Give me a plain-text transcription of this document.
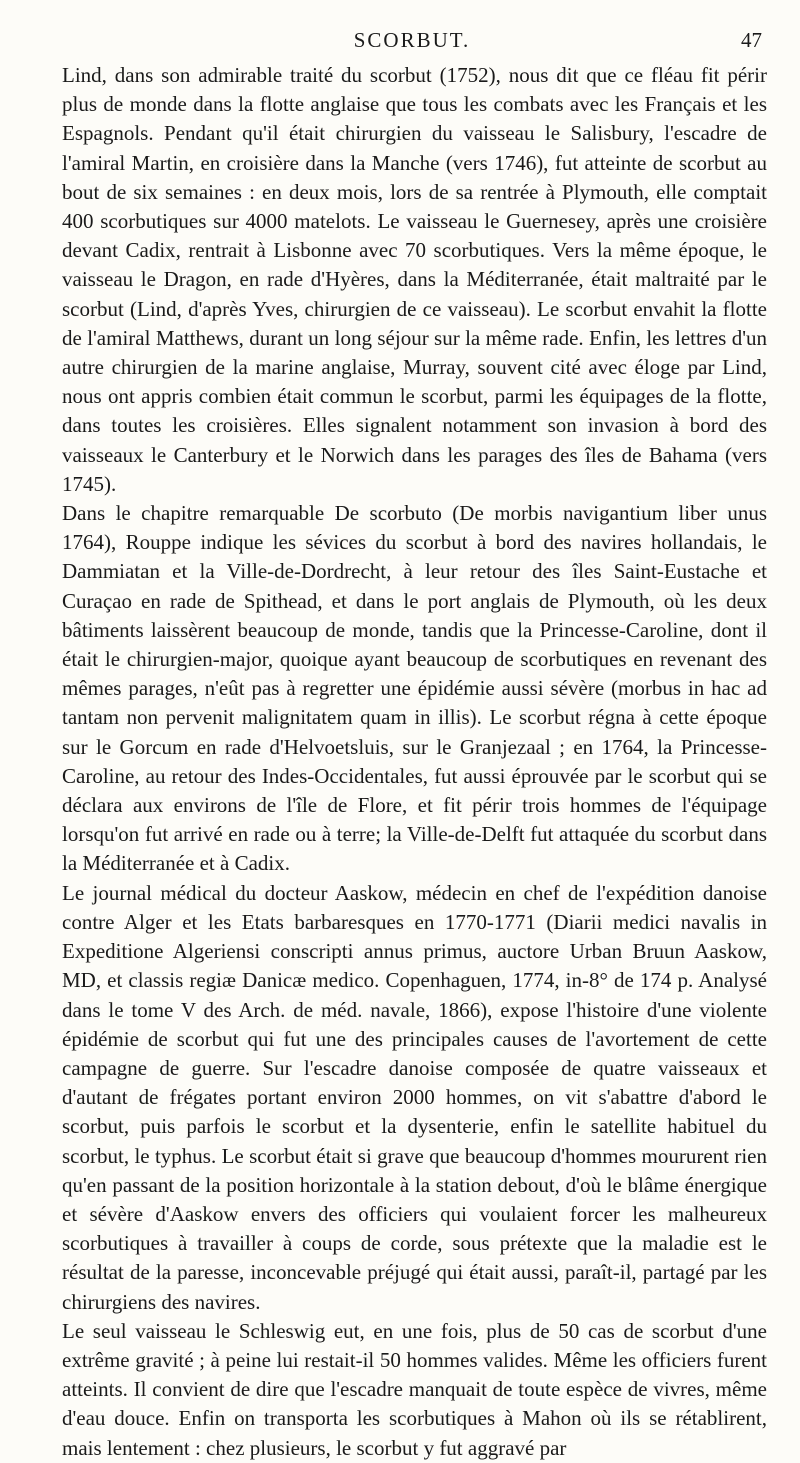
SCORBUT.	47

Lind, dans son admirable traité du scorbut (1752), nous dit que ce fléau fit périr plus de monde dans la flotte anglaise que tous les combats avec les Français et les Espagnols. Pendant qu'il était chirurgien du vaisseau le Salisbury, l'escadre de l'amiral Martin, en croisière dans la Manche (vers 1746), fut atteinte de scorbut au bout de six semaines : en deux mois, lors de sa rentrée à Plymouth, elle comptait 400 scorbutiques sur 4000 matelots. Le vaisseau le Guernesey, après une croisière devant Cadix, rentrait à Lisbonne avec 70 scorbutiques. Vers la même époque, le vaisseau le Dragon, en rade d'Hyères, dans la Méditerranée, était maltraité par le scorbut (Lind, d'après Yves, chirurgien de ce vaisseau). Le scorbut envahit la flotte de l'amiral Matthews, durant un long séjour sur la même rade. Enfin, les lettres d'un autre chirurgien de la marine anglaise, Murray, souvent cité avec éloge par Lind, nous ont appris combien était commun le scorbut, parmi les équipages de la flotte, dans toutes les croisières. Elles signalent notamment son invasion à bord des vaisseaux le Canterbury et le Norwich dans les parages des îles de Bahama (vers 1745).

Dans le chapitre remarquable De scorbuto (De morbis navigantium liber unus 1764), Rouppe indique les sévices du scorbut à bord des navires hollandais, le Dammiatan et la Ville-de-Dordrecht, à leur retour des îles Saint-Eustache et Curaçao en rade de Spithead, et dans le port anglais de Plymouth, où les deux bâtiments laissèrent beaucoup de monde, tandis que la Princesse-Caroline, dont il était le chirurgien-major, quoique ayant beaucoup de scorbutiques en revenant des mêmes parages, n'eût pas à regretter une épidémie aussi sévère (morbus in hac ad tantam non pervenit malignitatem quam in illis). Le scorbut régna à cette époque sur le Gorcum en rade d'Helvoetsluis, sur le Granjezaal ; en 1764, la Princesse-Caroline, au retour des Indes-Occidentales, fut aussi éprouvée par le scorbut qui se déclara aux environs de l'île de Flore, et fit périr trois hommes de l'équipage lorsqu'on fut arrivé en rade ou à terre; la Ville-de-Delft fut attaquée du scorbut dans la Méditerranée et à Cadix.

Le journal médical du docteur Aaskow, médecin en chef de l'expédition danoise contre Alger et les Etats barbaresques en 1770-1771 (Diarii medici navalis in Expeditione Algeriensi conscripti annus primus, auctore Urban Bruun Aaskow, MD, et classis regiæ Danicæ medico. Copenhaguen, 1774, in-8° de 174 p. Analysé dans le tome V des Arch. de méd. navale, 1866), expose l'histoire d'une violente épidémie de scorbut qui fut une des principales causes de l'avortement de cette campagne de guerre. Sur l'escadre danoise composée de quatre vaisseaux et d'autant de frégates portant environ 2000 hommes, on vit s'abattre d'abord le scorbut, puis parfois le scorbut et la dysenterie, enfin le satellite habituel du scorbut, le typhus. Le scorbut était si grave que beaucoup d'hommes moururent rien qu'en passant de la position horizontale à la station debout, d'où le blâme énergique et sévère d'Aaskow envers des officiers qui voulaient forcer les malheureux scorbutiques à travailler à coups de corde, sous prétexte que la maladie est le résultat de la paresse, inconcevable préjugé qui était aussi, paraît-il, partagé par les chirurgiens des navires.

Le seul vaisseau le Schleswig eut, en une fois, plus de 50 cas de scorbut d'une extrême gravité ; à peine lui restait-il 50 hommes valides. Même les officiers furent atteints. Il convient de dire que l'escadre manquait de toute espèce de vivres, même d'eau douce. Enfin on transporta les scorbutiques à Mahon où ils se rétablirent, mais lentement : chez plusieurs, le scorbut y fut aggravé par
